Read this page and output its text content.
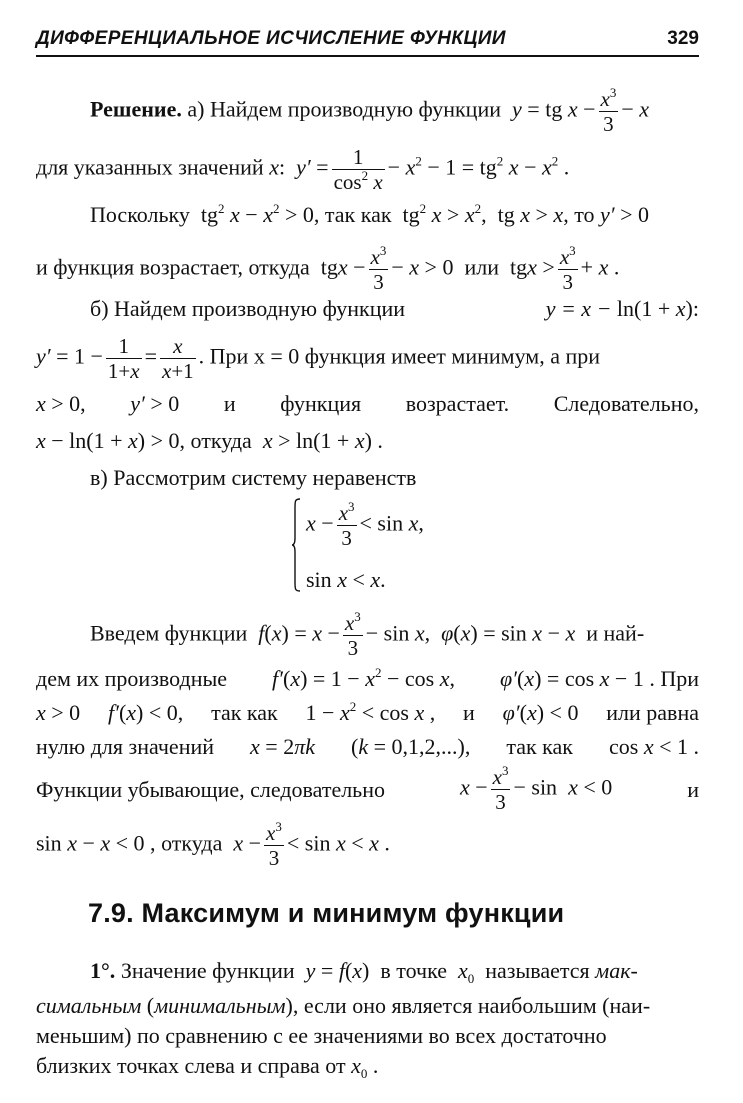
ДИФФЕРЕНЦИАЛЬНОЕ ИСЧИСЛЕНИЕ ФУНКЦИИ	329
Решение. а) Найдем производную функции  y = tg $x - \frac{x^3}{3} - x$
для указанных значений x:  $y' = \frac{1}{\cos^2 x} - x^2 - 1 = tg^2$ $x - x^2$ .
Поскольку  $tg^2$ $x - x^2 > 0$, так как  $tg^2$ $x > x^2$,  tg x > x, то y′ > 0
и функция возрастает, откуда  tgx − $\frac{x^3}{3} - x > 0$  или  tgx > $\frac{x^3}{3} + x$ .
б) Найдем производную функции	y = x − ln(1 + x):
$y' = 1 - \frac{1}{1+x} = \frac{x}{x+1}$ . При x = 0 функция имеет минимум, а при
x > 0, y′ > 0 и функция возрастает. Следовательно,
x − ln(1 + x) > 0, откуда x > ln(1 + x) .
в) Рассмотрим систему неравенств
$x - \frac{x^3}{3} < \sin x$,
sin x < x.
Введем функции  $f(x) = x - \frac{x^3}{3} - \sin x$,  φ(x) = sin x − x и най-
дем их производные $f'(x) = 1 - x^2 - \cos x$, φ′(x) = cos x − 1 . При
x > 0 f′(x) < 0, так как $1 - x^2 < \cos x$ , и φ′(x) < 0 или равна
нулю для значений x = 2πk (k = 0,1,2,...), так как cos x < 1 .
Функции убывающие, следовательно	$x - \frac{x^3}{3} - \sin x < 0$	и
sin x − x < 0 , откуда $x - \frac{x^3}{3} < \sin x < x$ .
7.9. Максимум и минимум функции
1°. Значение функции y = f(x)  в точке $x_0$ называется мак-
симальным (минимальным), если оно является наибольшим (наи-
меньшим) по сравнению с ее значениями во всех достаточно
близких точках слева и справа от $x_0$ .
